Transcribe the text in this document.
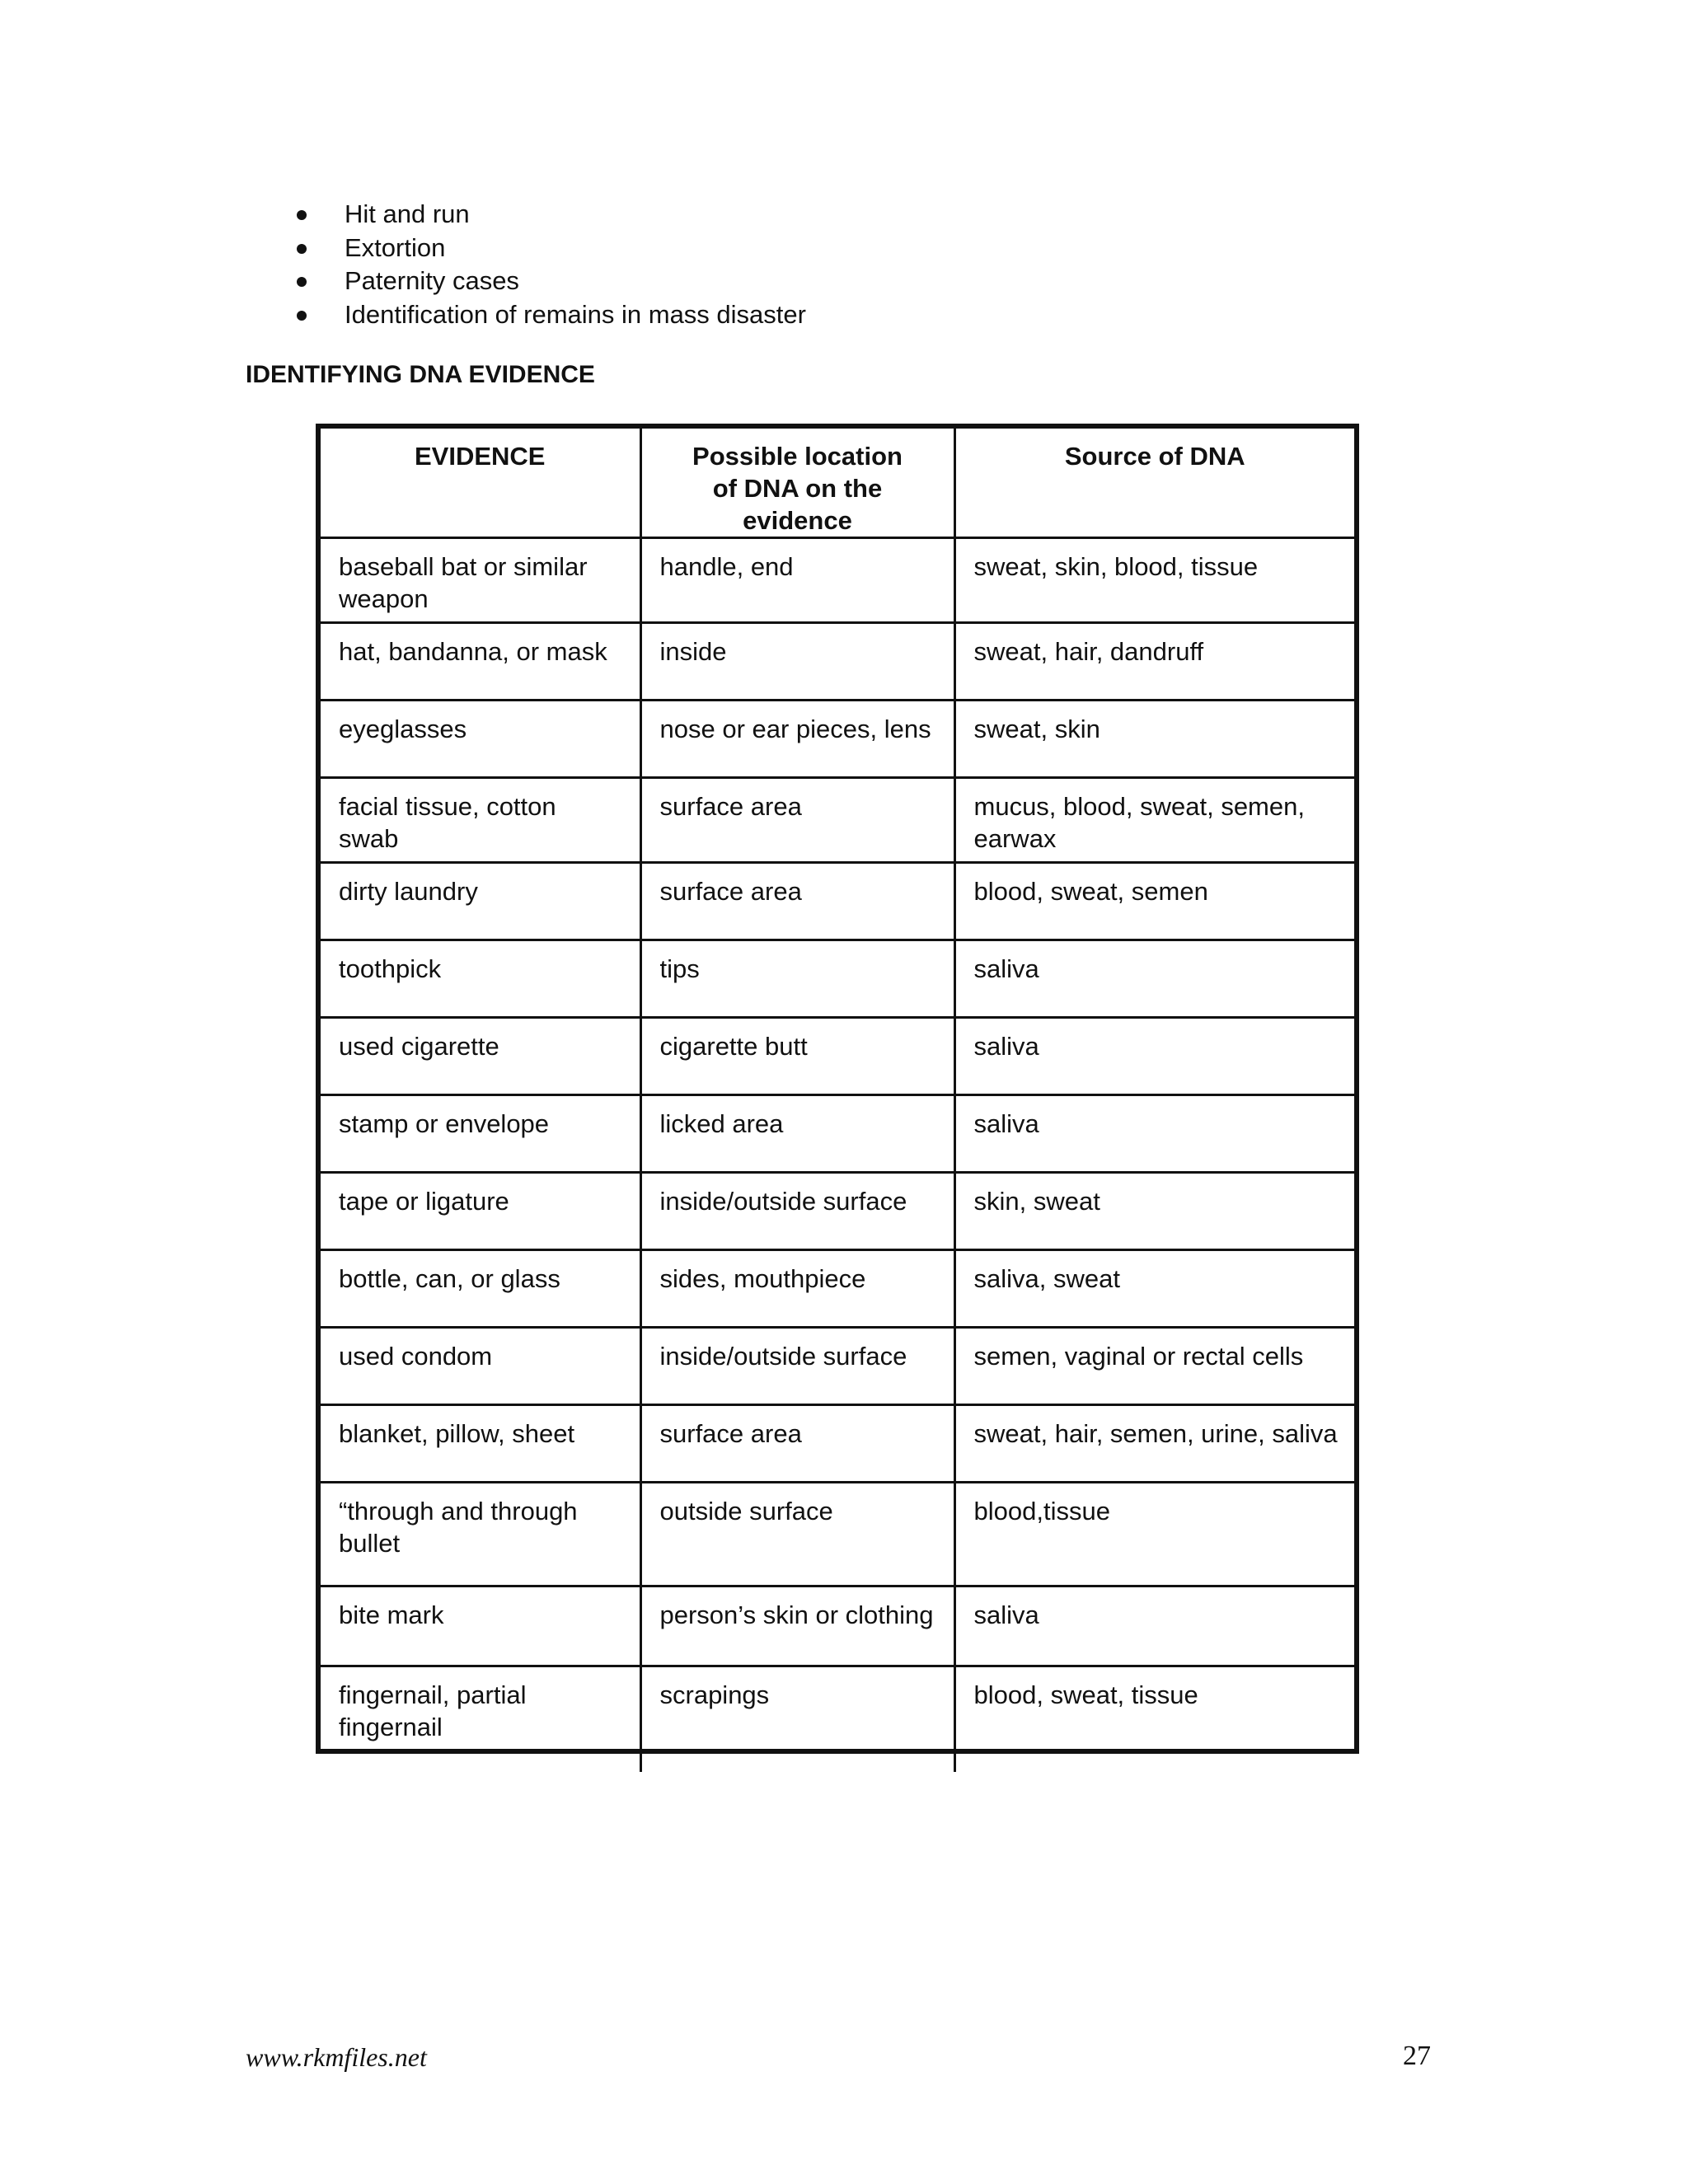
Hit and run
Extortion
Paternity cases
Identification of remains in mass disaster
IDENTIFYING DNA EVIDENCE
EVIDENCE	Possible location of DNA on the evidence	Source of DNA
baseball bat or similar weapon	handle, end	sweat, skin, blood, tissue
hat, bandanna, or mask	inside	sweat, hair, dandruff
eyeglasses	nose or ear pieces, lens	sweat, skin
facial tissue, cotton swab	surface area	mucus, blood, sweat, semen, earwax
dirty laundry	surface area	blood, sweat, semen
toothpick	tips	saliva
used cigarette	cigarette butt	saliva
stamp or envelope	licked area	saliva
tape or ligature	inside/outside surface	skin, sweat
bottle, can, or glass	sides, mouthpiece	saliva, sweat
used condom	inside/outside surface	semen, vaginal or rectal cells
blanket, pillow, sheet	surface area	sweat, hair, semen, urine, saliva
“through and through bullet	outside surface	blood,tissue
bite mark	person’s skin or clothing	saliva
fingernail, partial fingernail	scrapings	blood, sweat, tissue
www.rkmfiles.net	27
